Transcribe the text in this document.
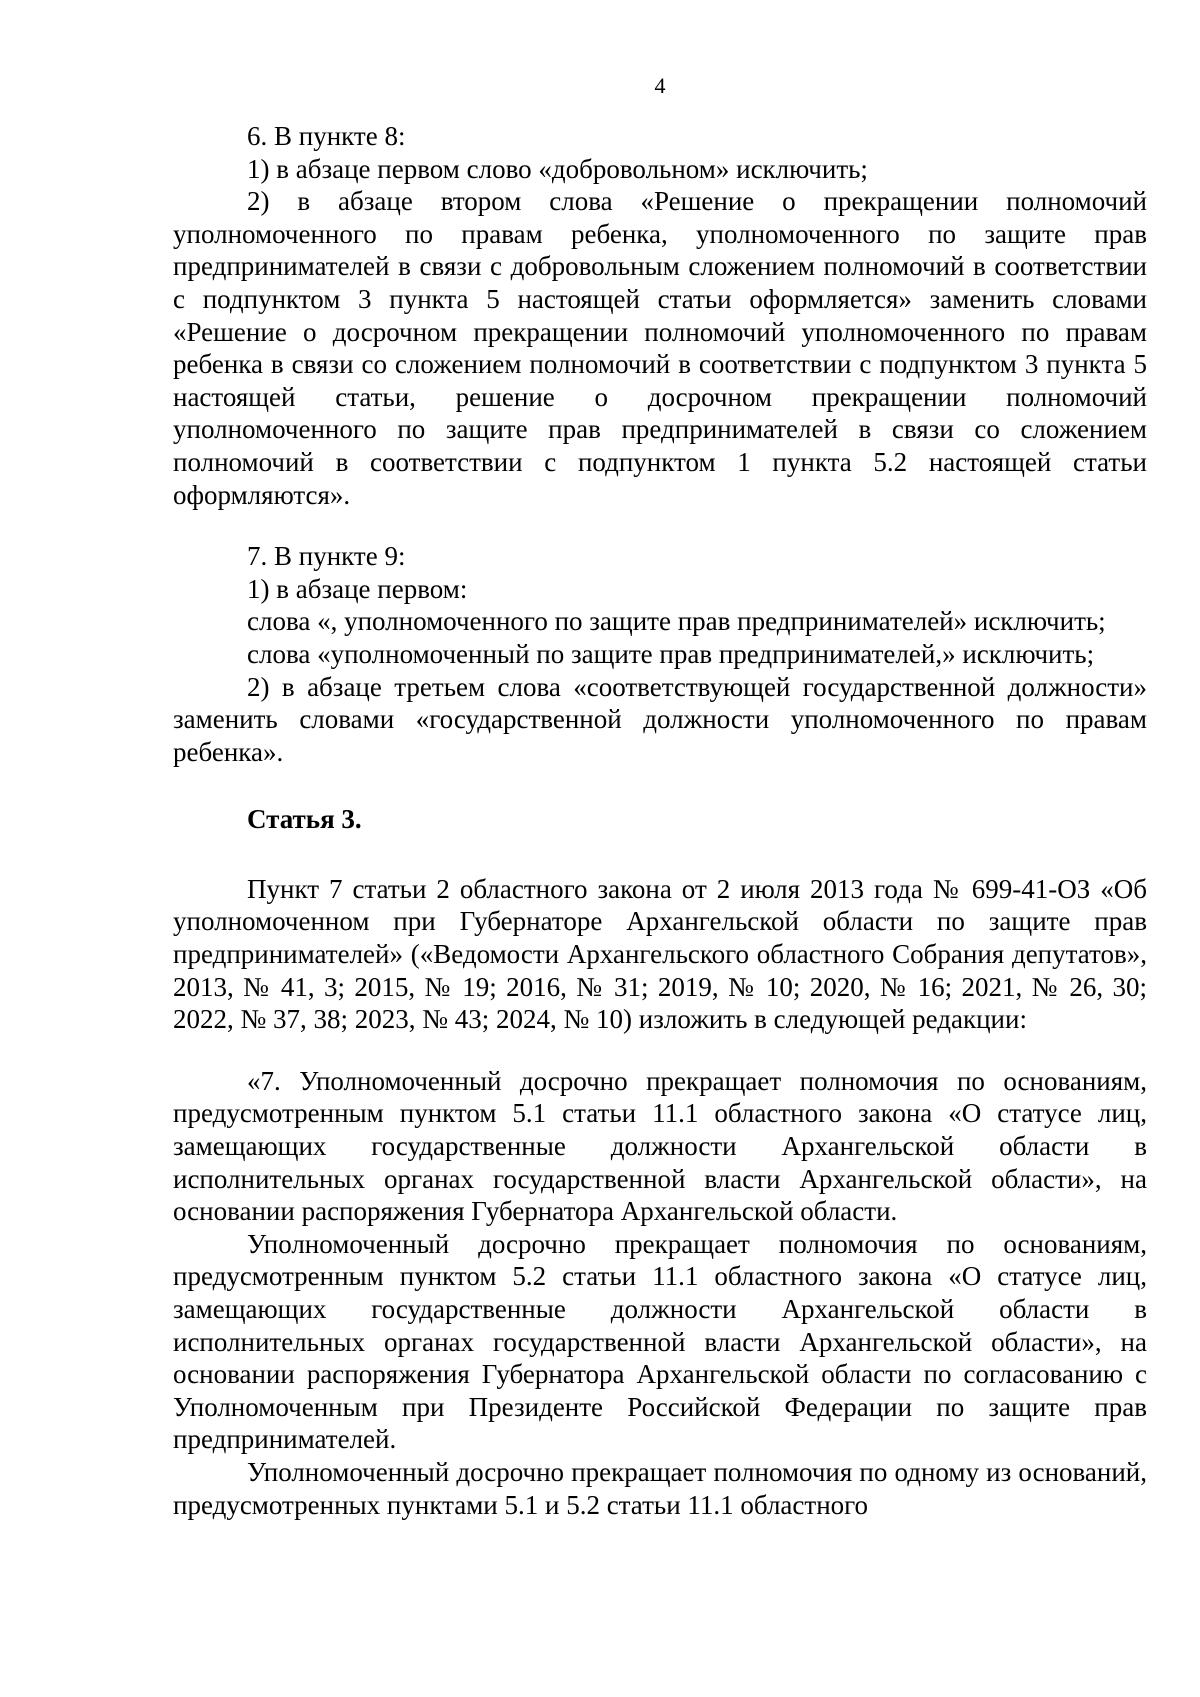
4

6. В пункте 8:

1) в абзаце первом слово «добровольном» исключить;

2) в абзаце втором слова «Решение о прекращении полномочий уполномоченного по правам ребенка, уполномоченного по защите прав предпринимателей в связи с добровольным сложением полномочий в соответствии с подпунктом 3 пункта 5 настоящей статьи оформляется» заменить словами «Решение о досрочном прекращении полномочий уполномоченного по правам ребенка в связи со сложением полномочий в соответствии с подпунктом 3 пункта 5 настоящей статьи, решение о досрочном прекращении полномочий уполномоченного по защите прав предпринимателей в связи со сложением полномочий в соответствии с подпунктом 1 пункта 5.2 настоящей статьи оформляются».

7. В пункте 9:

1) в абзаце первом:

слова «, уполномоченного по защите прав предпринимателей» исключить;

слова «уполномоченный по защите прав предпринимателей,» исключить;

2) в абзаце третьем слова «соответствующей государственной должности» заменить словами «государственной должности уполномоченного по правам ребенка».

Статья 3.

Пункт 7 статьи 2 областного закона от 2 июля 2013 года № 699-41-ОЗ «Об уполномоченном при Губернаторе Архангельской области по защите прав предпринимателей» («Ведомости Архангельского областного Собрания депутатов», 2013, № 41, 3; 2015, № 19; 2016, № 31; 2019, № 10; 2020, № 16; 2021, № 26, 30; 2022, № 37, 38; 2023, № 43; 2024, № 10) изложить в следующей редакции:

«7. Уполномоченный досрочно прекращает полномочия по основаниям, предусмотренным пунктом 5.1 статьи 11.1 областного закона «О статусе лиц, замещающих государственные должности Архангельской области в исполнительных органах государственной власти Архангельской области», на основании распоряжения Губернатора Архангельской области.

Уполномоченный досрочно прекращает полномочия по основаниям, предусмотренным пунктом 5.2 статьи 11.1 областного закона «О статусе лиц, замещающих государственные должности Архангельской области в исполнительных органах государственной власти Архангельской области», на основании распоряжения Губернатора Архангельской области по согласованию с Уполномоченным при Президенте Российской Федерации по защите прав предпринимателей.

Уполномоченный досрочно прекращает полномочия по одному из оснований, предусмотренных пунктами 5.1 и 5.2 статьи 11.1 областного
